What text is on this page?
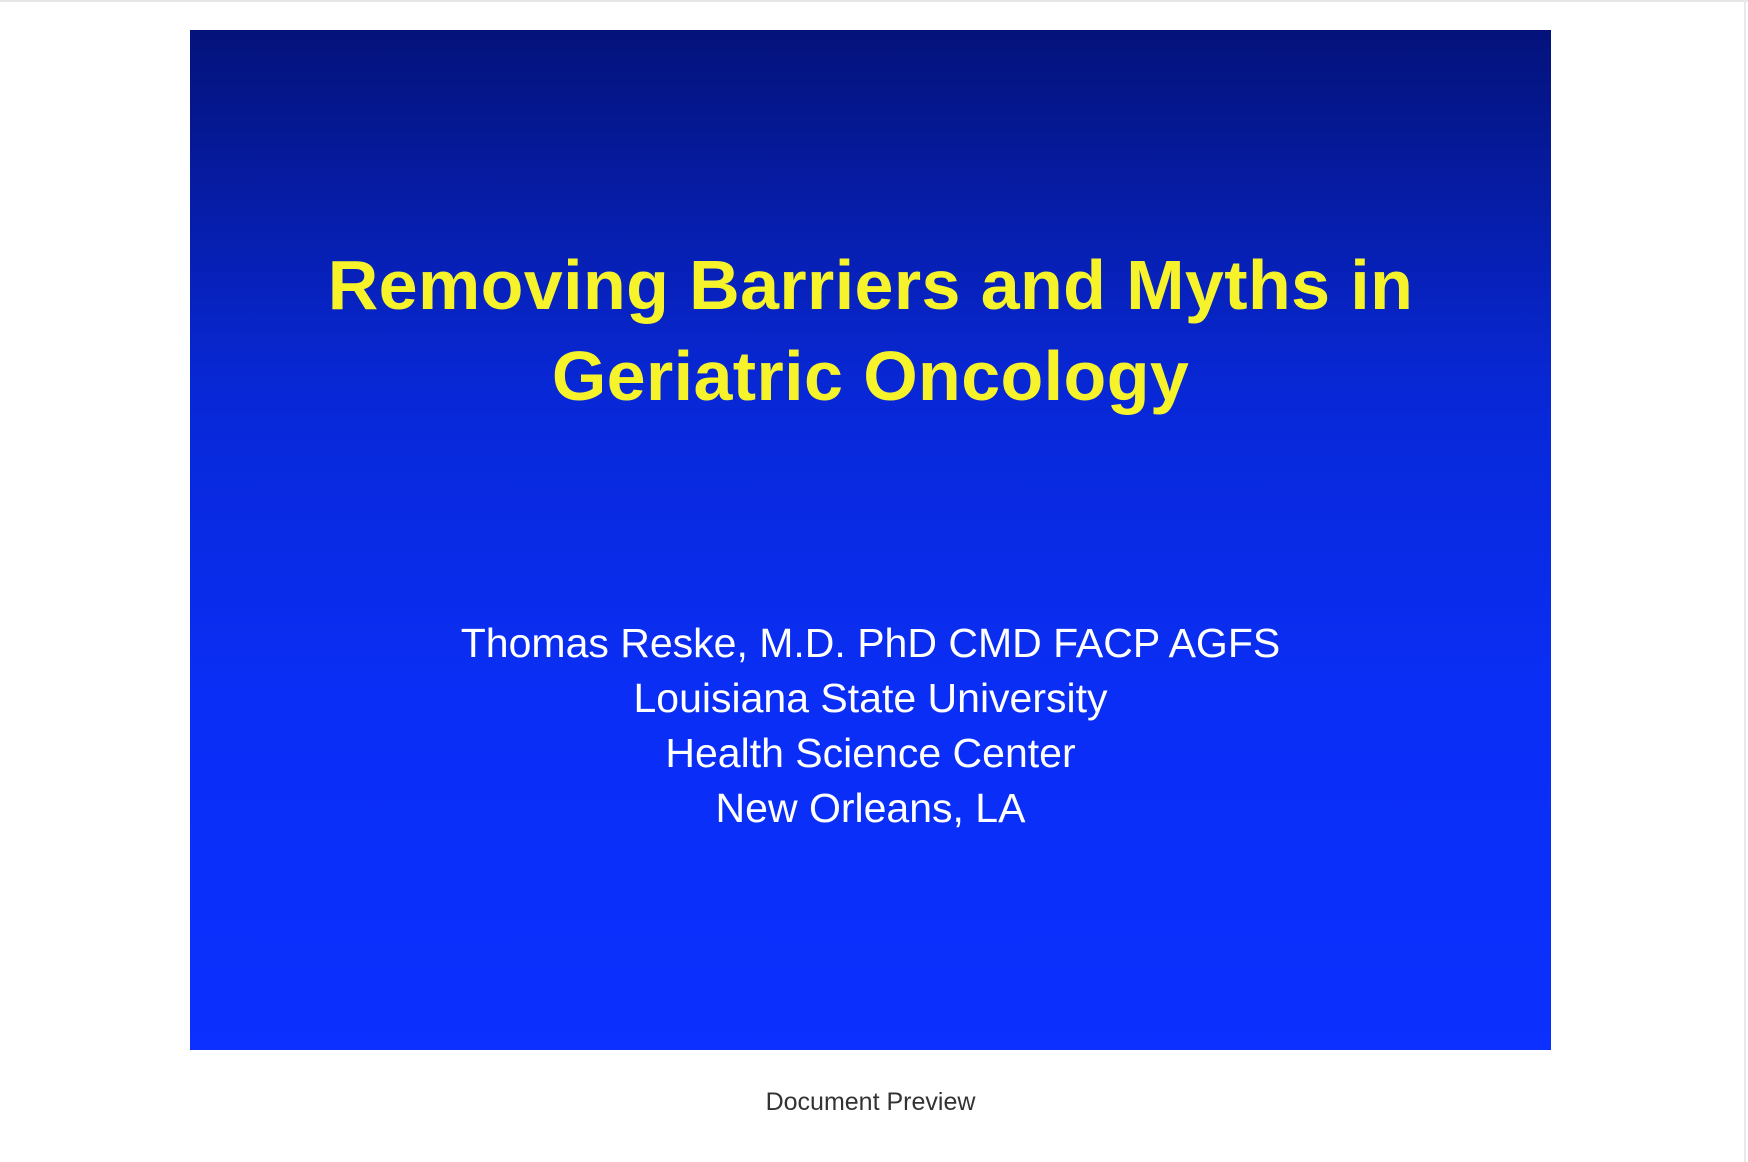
Removing Barriers and Myths in
Geriatric Oncology
Thomas Reske, M.D. PhD CMD FACP AGFS
Louisiana State University
Health Science Center
New Orleans, LA
Document Preview
